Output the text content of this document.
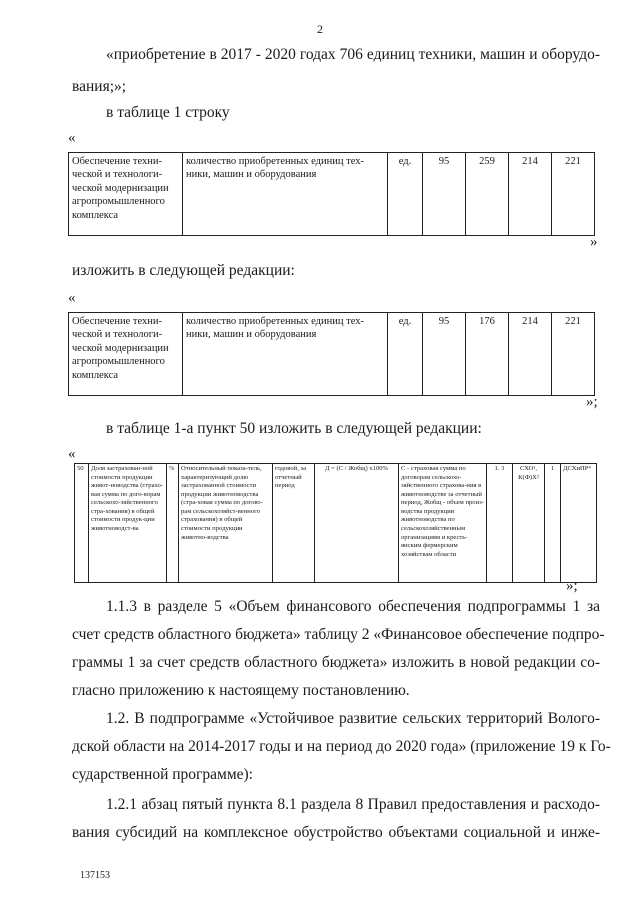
2
«приобретение в 2017 - 2020 годах 706 единиц техники, машин и оборудо-
вания;»;
в таблице 1 строку
«
Обеспечение техни-ческой и технологи-ческой модернизации агропромышленного комплекса	количество приобретенных единиц тех-ники, машин и оборудования	ед.	95	259	214	221
»
изложить в следующей редакции:
«
Обеспечение техни-ческой и технологи-ческой модернизации агропромышленного комплекса	количество приобретенных единиц тех-ники, машин и оборудования	ед.	95	176	214	221
»;
в таблице 1-а пункт 50 изложить в следующей редакции:
«
50	Доля застрахован-ной стоимости продукции живот-новодства (страхо-вая сумма по дого-ворам сельскохо-зяйственного стра-хования) в общей стоимости продук-ции животноводст-ва	%	Относительный показа-тель, характеризующий долю застрахованной стоимости продукции животноводства (стра-ховая сумма по догово-рам сельскохозяйст-венного страхования) в общей стоимости продукции животно-водства	годовой, за отчетный период	Д = (С / Жобщ) х100%	С - страховая сумма по договорам сельскохо-зяйственного страхова-ния в животноводстве за отчетный период, Жобщ - объем произ-водства продукции животноводства по сельскохозяйственным организациям и кресть-янским фермерским хозяйствам области	1. 3	СХО¹, К(Ф)Х²	1	ДСХиПР⁴
»;
1.1.3 в разделе 5 «Объем финансового обеспечения подпрограммы 1 за
счет средств областного бюджета» таблицу 2 «Финансовое обеспечение подпро-
граммы 1 за счет средств областного бюджета» изложить в новой редакции со-
гласно приложению к настоящему постановлению.
1.2. В подпрограмме «Устойчивое развитие сельских территорий Волого-
дской области на 2014-2017 годы и на период до 2020 года» (приложение 19 к Го-
сударственной программе):
1.2.1 абзац пятый пункта 8.1 раздела 8 Правил предоставления и расходо-
вания субсидий на комплексное обустройство объектами социальной и инже-
137153
